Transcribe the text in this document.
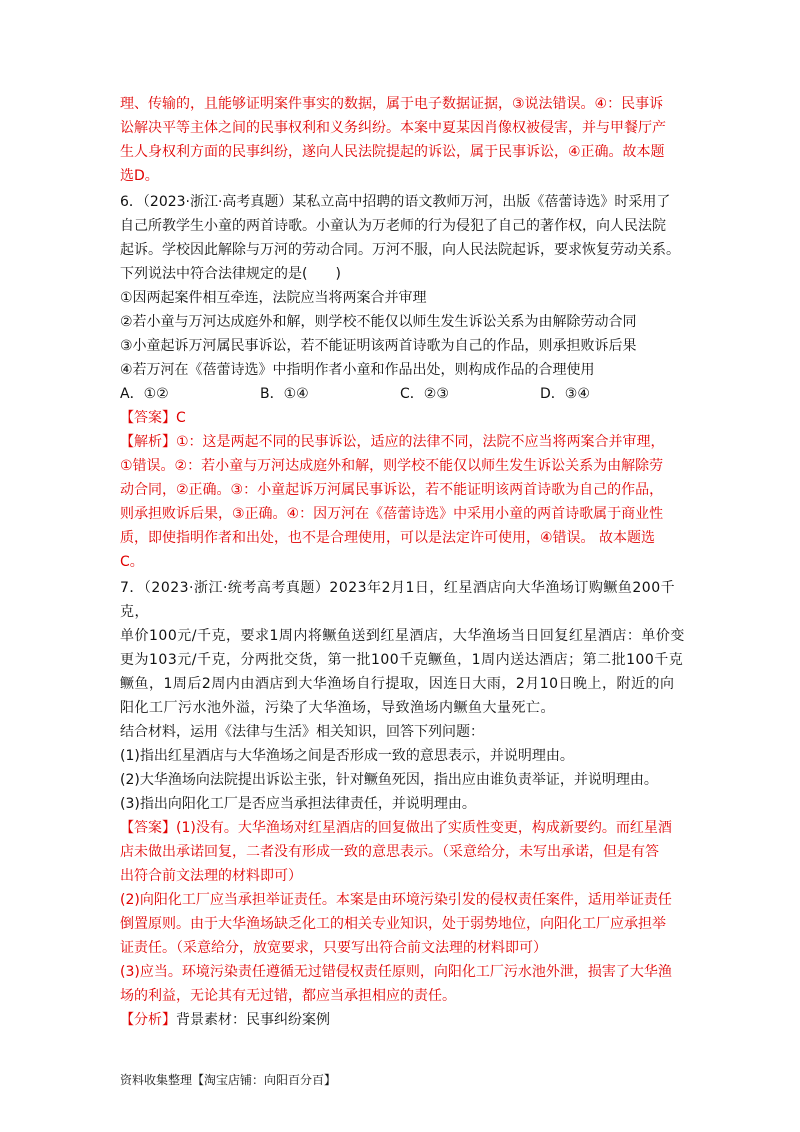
理、传输的，且能够证明案件事实的数据，属于电子数据证据，③说法错误。④：民事诉

讼解决平等主体之间的民事权利和义务纠纷。本案中夏某因肖像权被侵害，并与甲餐厅产

生人身权利方面的民事纠纷，遂向人民法院提起的诉讼，属于民事诉讼，④正确。故本题

选D。

6．（2023·浙江·高考真题）某私立高中招聘的语文教师万河，出版《蓓蕾诗选》时采用了

自己所教学生小童的两首诗歌。小童认为万老师的行为侵犯了自己的著作权，向人民法院

起诉。学校因此解除与万河的劳动合同。万河不服，向人民法院起诉，要求恢复劳动关系。

下列说法中符合法律规定的是(　　)

①因两起案件相互牵连，法院应当将两案合并审理

②若小童与万河达成庭外和解，则学校不能仅以师生发生诉讼关系为由解除劳动合同

③小童起诉万河属民事诉讼，若不能证明该两首诗歌为自己的作品，则承担败诉后果

④若万河在《蓓蕾诗选》中指明作者小童和作品出处，则构成作品的合理使用

A．①②	B．①④	C．②③	D．③④

【答案】C

【解析】①：这是两起不同的民事诉讼，适应的法律不同，法院不应当将两案合并审理，

①错误。②：若小童与万河达成庭外和解，则学校不能仅以师生发生诉讼关系为由解除劳

动合同，②正确。③：小童起诉万河属民事诉讼，若不能证明该两首诗歌为自己的作品，

则承担败诉后果，③正确。④：因万河在《蓓蕾诗选》中采用小童的两首诗歌属于商业性

质，即使指明作者和出处，也不是合理使用，可以是法定许可使用，④错误。 故本题选

C。

7．（2023·浙江·统考高考真题）2023年2月1日，红星酒店向大华渔场订购鳜鱼200千克，

单价100元/千克，要求1周内将鳜鱼送到红星酒店，大华渔场当日回复红星酒店：单价变

更为103元/千克，分两批交货，第一批100千克鳜鱼，1周内送达酒店；第二批100千克

鳜鱼，1周后2周内由酒店到大华渔场自行提取，因连日大雨，2月10日晚上，附近的向

阳化工厂污水池外溢，污染了大华渔场，导致渔场内鳜鱼大量死亡。

结合材料，运用《法律与生活》相关知识，回答下列问题：

(1)指出红星酒店与大华渔场之间是否形成一致的意思表示，并说明理由。

(2)大华渔场向法院提出诉讼主张，针对鳜鱼死因，指出应由谁负责举证，并说明理由。

(3)指出向阳化工厂是否应当承担法律责任，并说明理由。

【答案】(1)没有。大华渔场对红星酒店的回复做出了实质性变更，构成新要约。而红星酒

店未做出承诺回复，二者没有形成一致的意思表示。（采意给分，未写出承诺，但是有答

出符合前文法理的材料即可）

(2)向阳化工厂应当承担举证责任。本案是由环境污染引发的侵权责任案件，适用举证责任

倒置原则。由于大华渔场缺乏化工的相关专业知识，处于弱势地位，向阳化工厂应承担举

证责任。（采意给分，放宽要求，只要写出符合前文法理的材料即可）

(3)应当。环境污染责任遵循无过错侵权责任原则，向阳化工厂污水池外泄，损害了大华渔

场的利益，无论其有无过错，都应当承担相应的责任。

【分析】背景素材：民事纠纷案例

资料收集整理【淘宝店铺：向阳百分百】
